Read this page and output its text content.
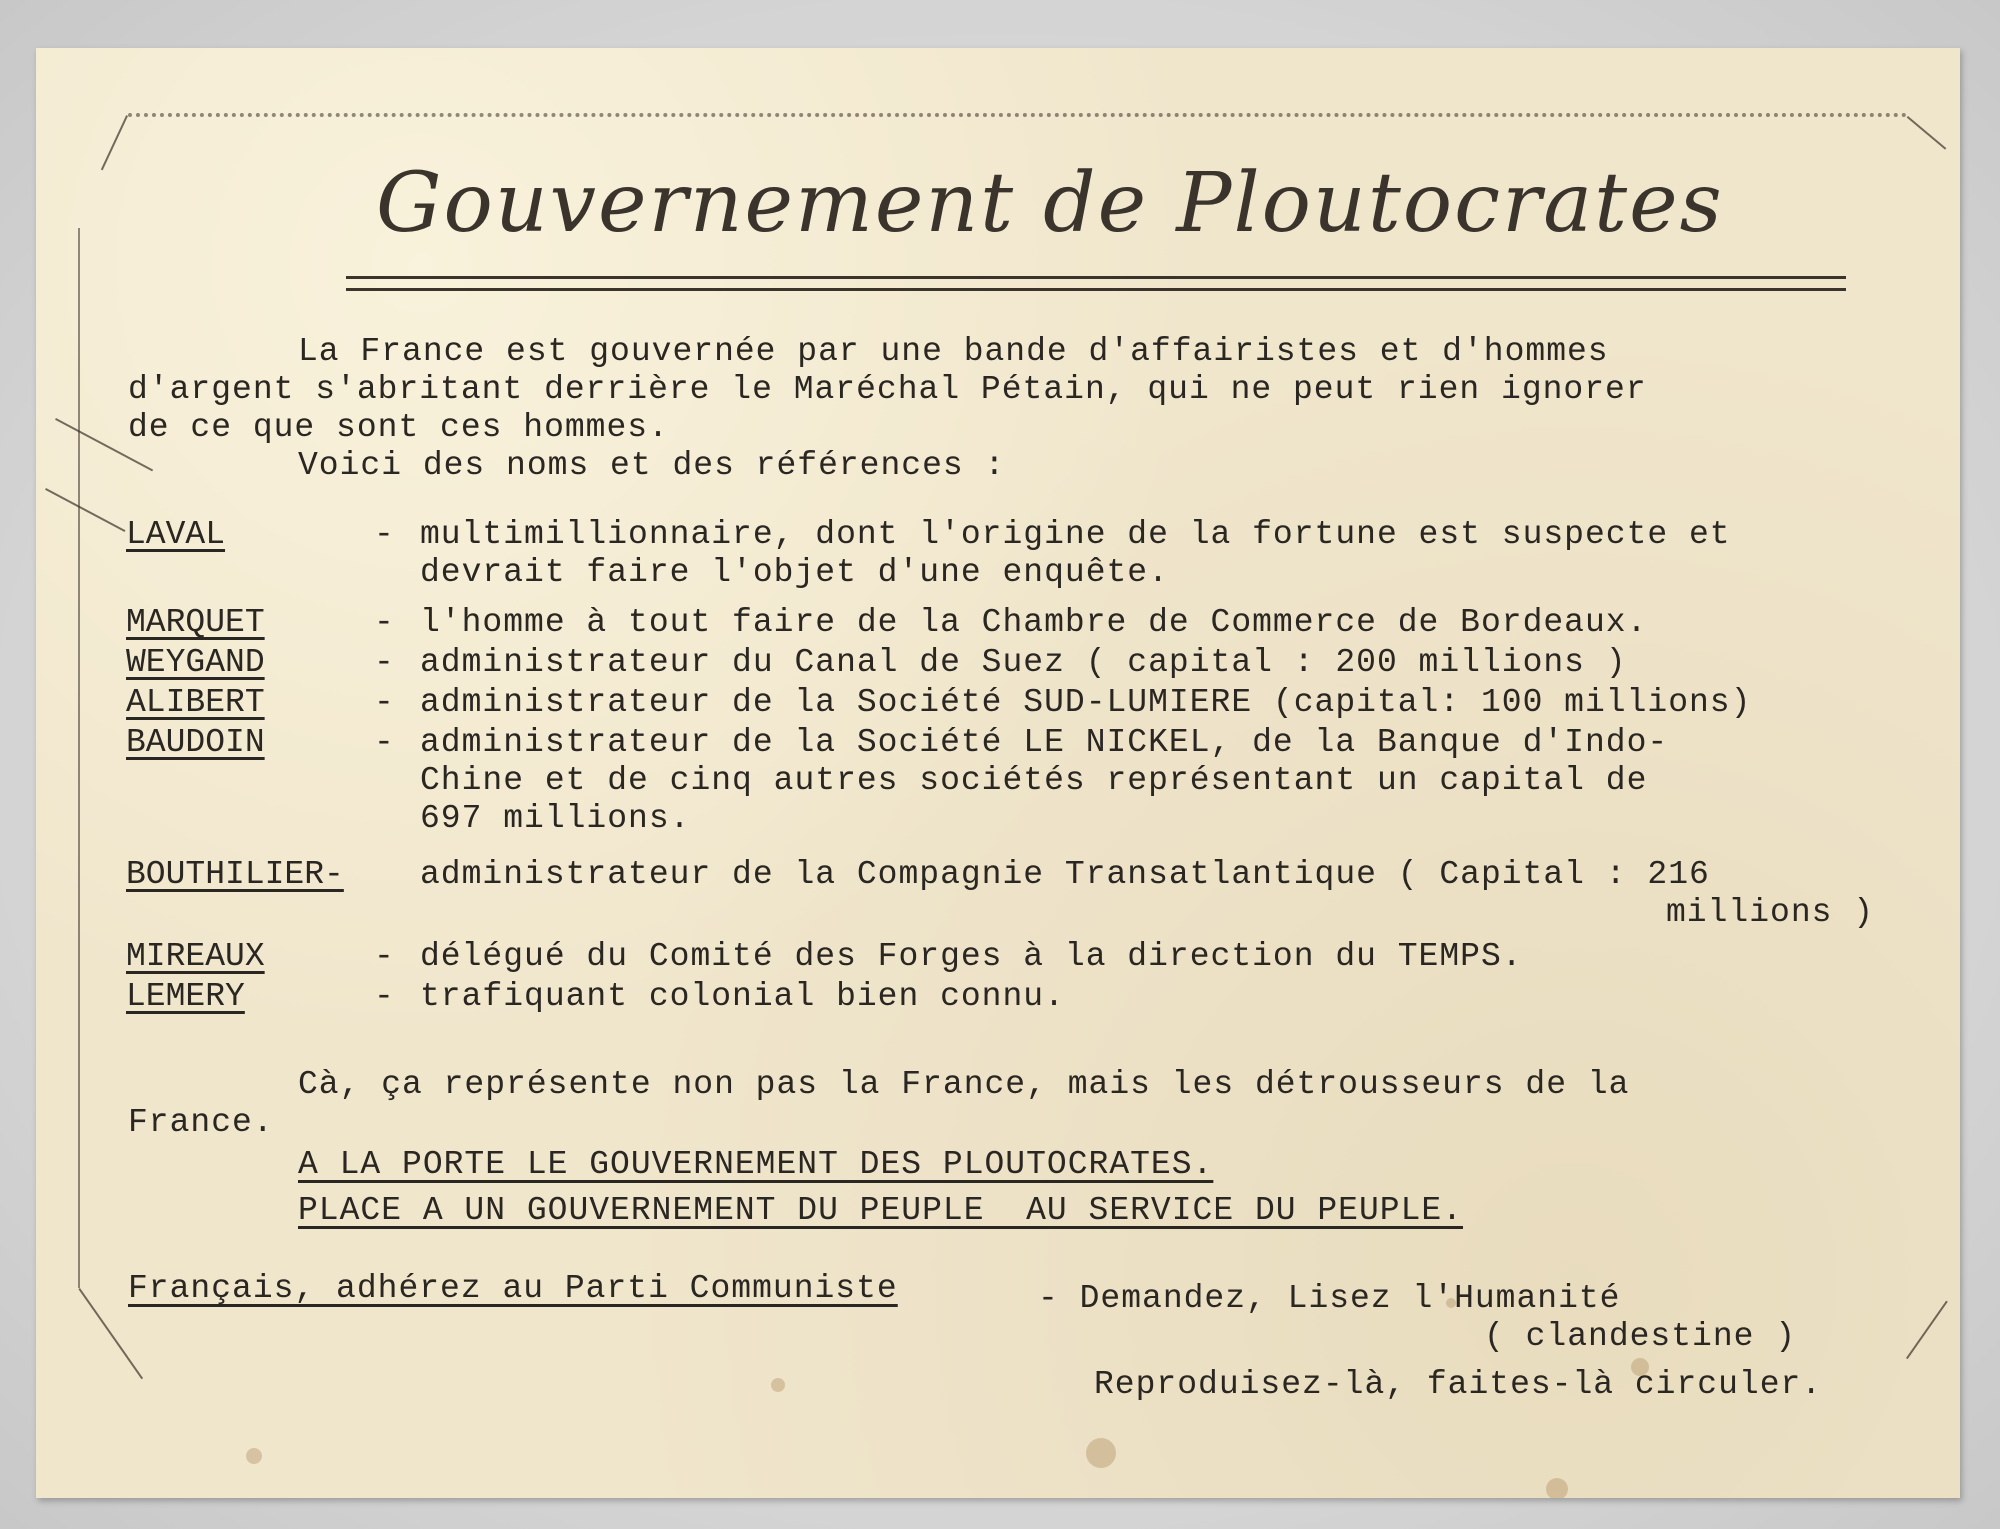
Gouvernement de Ploutocrates
La France est gouvernée par une bande d'affairistes et d'hommes
d'argent s'abritant derrière le Maréchal Pétain, qui ne peut rien ignorer
de ce que sont ces hommes.
Voici des noms et des références :
LAVAL	- multimillionnaire, dont l'origine de la fortune est suspecte et
devrait faire l'objet d'une enquête.
MARQUET	- l'homme à tout faire de la Chambre de Commerce de Bordeaux.
WEYGAND	- administrateur du Canal de Suez ( capital : 200 millions )
ALIBERT	- administrateur de la Société SUD-LUMIERE (capital: 100 millions)
BAUDOIN	- administrateur de la Société LE NICKEL, de la Banque d'Indo-
Chine et de cinq autres sociétés représentant un capital de
697 millions.
BOUTHILIER- administrateur de la Compagnie Transatlantique ( Capital : 216
millions )
MIREAUX	- délégué du Comité des Forges à la direction du TEMPS.
LEMERY	- trafiquant colonial bien connu.
Cà, ça représente non pas la France, mais les détrousseurs de la
France.
A LA PORTE LE GOUVERNEMENT DES PLOUTOCRATES.
PLACE A UN GOUVERNEMENT DU PEUPLE  AU SERVICE DU PEUPLE.
Français, adhérez au Parti Communiste	- Demandez, Lisez l'Humanité
( clandestine )
Reproduisez-là, faites-là circuler.
